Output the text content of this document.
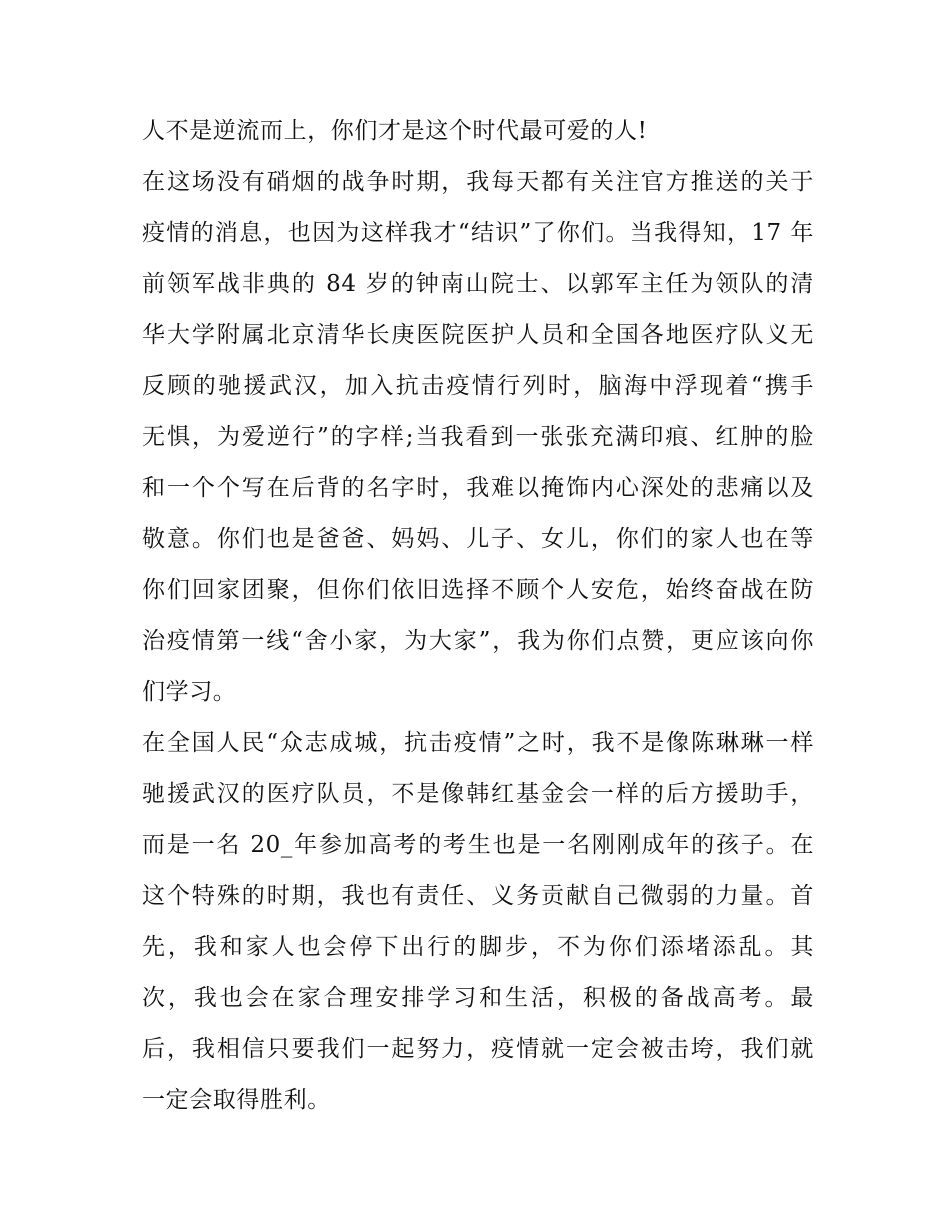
人不是逆流而上，你们才是这个时代最可爱的人!
在这场没有硝烟的战争时期，我每天都有关注官方推送的关于
疫情的消息，也因为这样我才“结识”了你们。当我得知，17 年
前领军战非典的 84 岁的钟南山院士、以郭军主任为领队的清
华大学附属北京清华长庚医院医护人员和全国各地医疗队义无
反顾的驰援武汉，加入抗击疫情行列时，脑海中浮现着“携手
无惧，为爱逆行”的字样;当我看到一张张充满印痕、红肿的脸
和一个个写在后背的名字时，我难以掩饰内心深处的悲痛以及
敬意。你们也是爸爸、妈妈、儿子、女儿，你们的家人也在等
你们回家团聚，但你们依旧选择不顾个人安危，始终奋战在防
治疫情第一线“舍小家，为大家”，我为你们点赞，更应该向你
们学习。
在全国人民“众志成城，抗击疫情”之时，我不是像陈琳琳一样
驰援武汉的医疗队员，不是像韩红基金会一样的后方援助手，
而是一名 20_年参加高考的考生也是一名刚刚成年的孩子。在
这个特殊的时期，我也有责任、义务贡献自己微弱的力量。首
先，我和家人也会停下出行的脚步，不为你们添堵添乱。其
次，我也会在家合理安排学习和生活，积极的备战高考。最
后，我相信只要我们一起努力，疫情就一定会被击垮，我们就
一定会取得胜利。
